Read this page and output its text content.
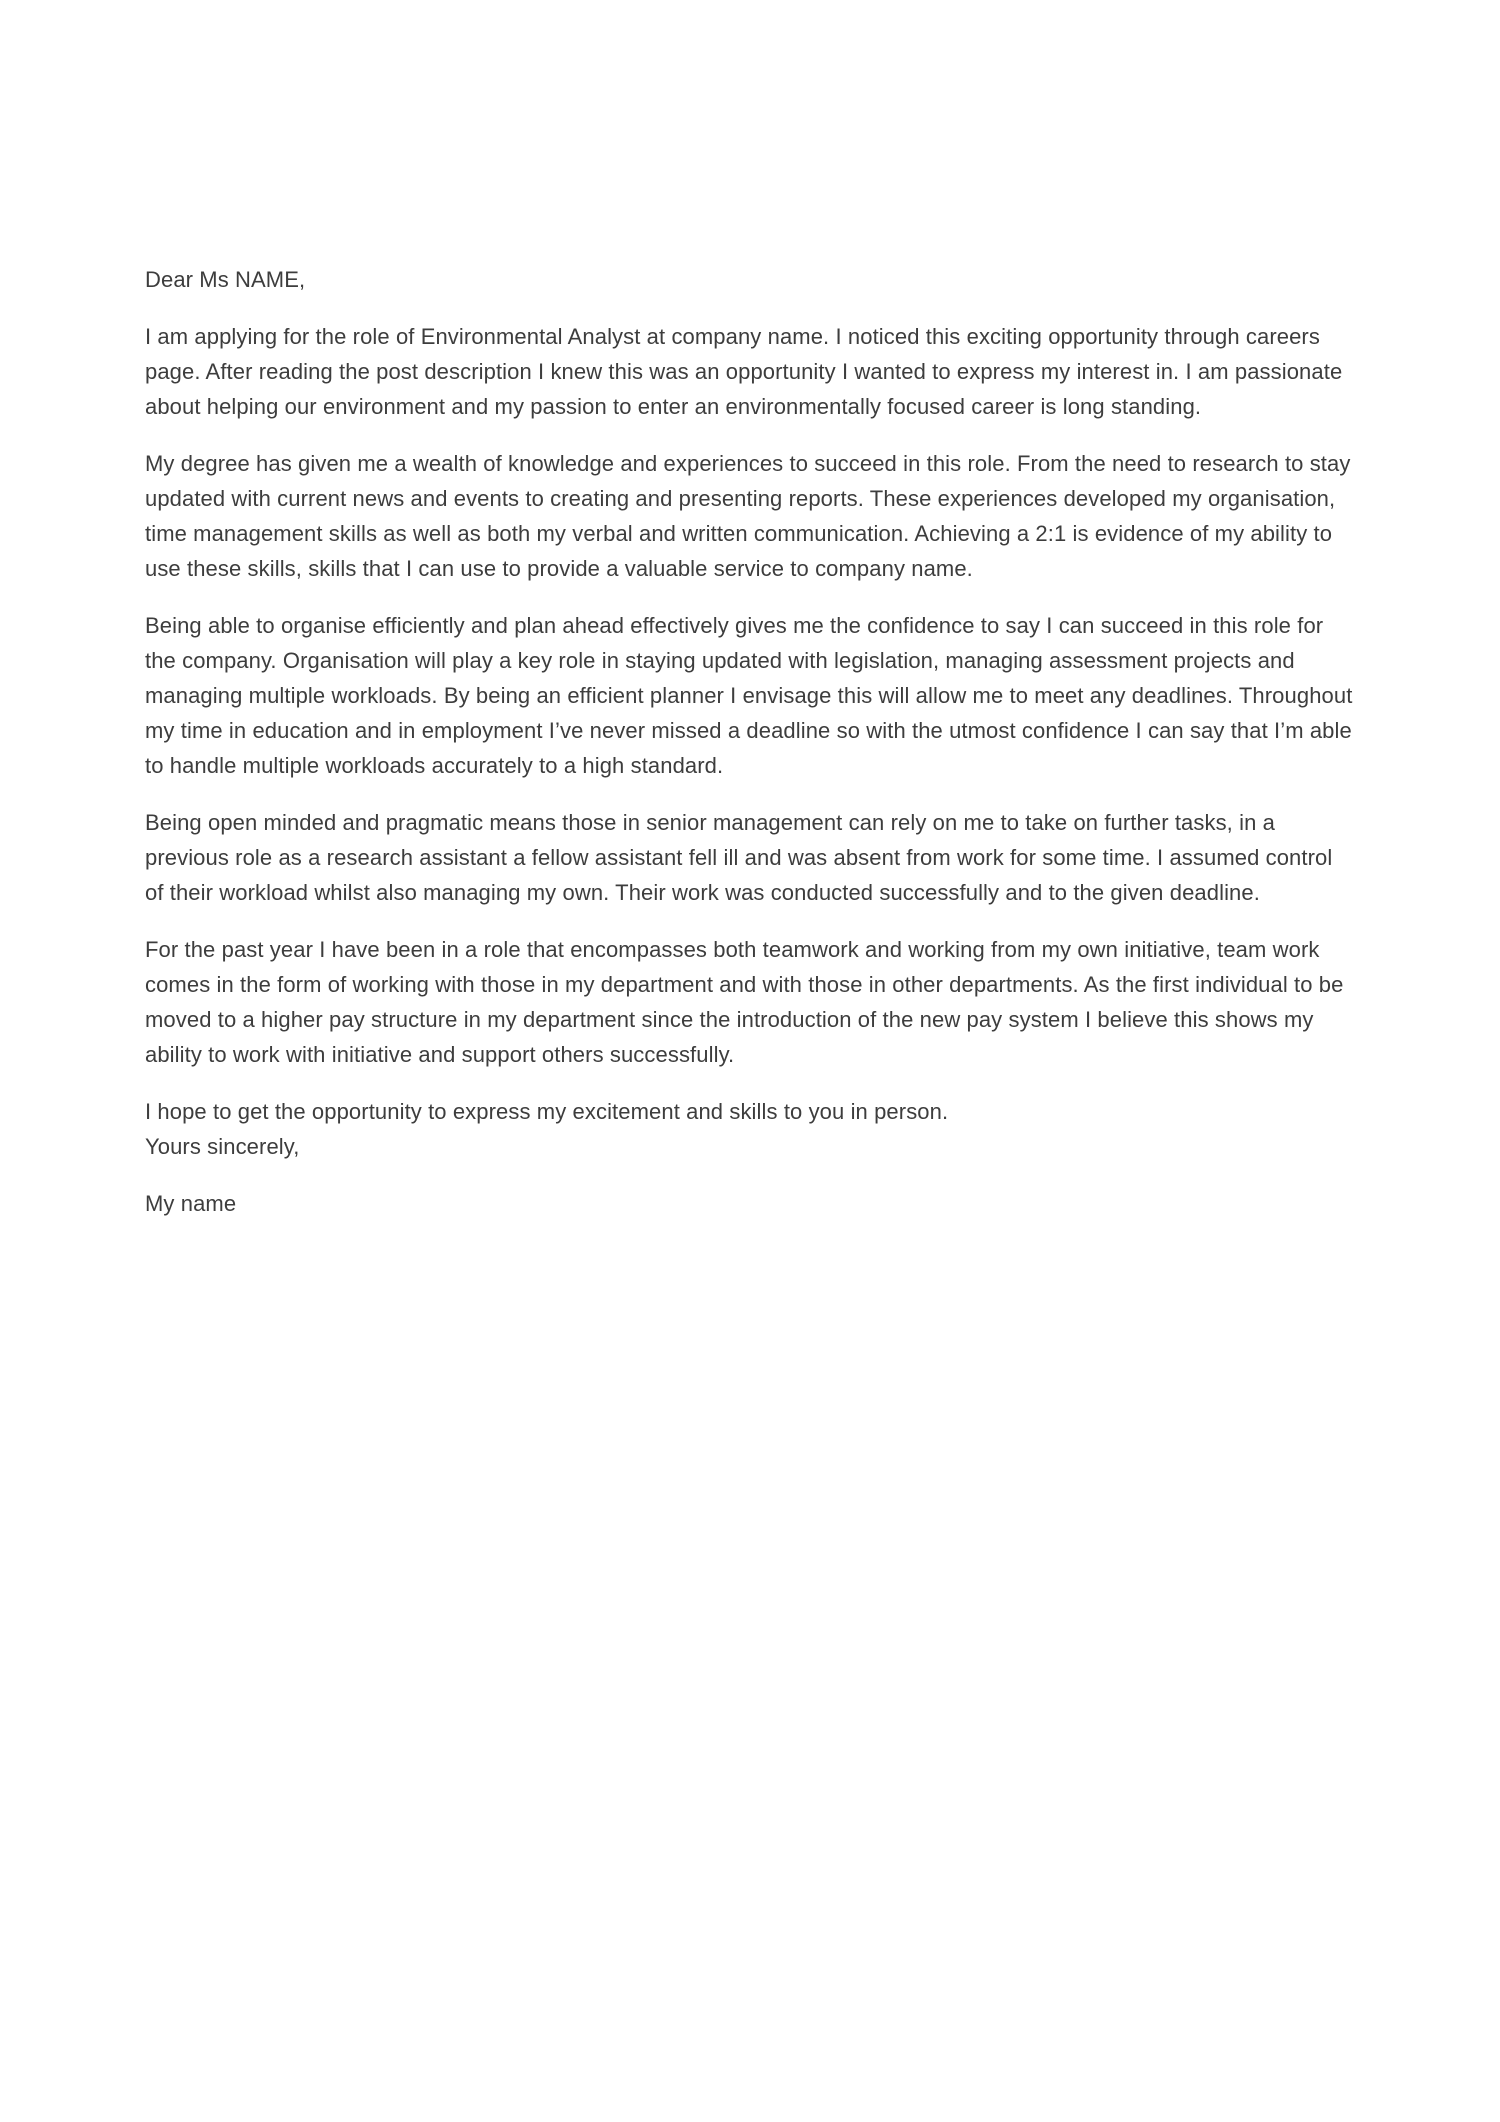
Dear Ms NAME,

I am applying for the role of Environmental Analyst at company name. I noticed this exciting opportunity through careers page. After reading the post description I knew this was an opportunity I wanted to express my interest in. I am passionate about helping our environment and my passion to enter an environmentally focused career is long standing.

My degree has given me a wealth of knowledge and experiences to succeed in this role. From the need to research to stay updated with current news and events to creating and presenting reports. These experiences developed my organisation, time management skills as well as both my verbal and written communication. Achieving a 2:1 is evidence of my ability to use these skills, skills that I can use to provide a valuable service to company name.

Being able to organise efficiently and plan ahead effectively gives me the confidence to say I can succeed in this role for the company. Organisation will play a key role in staying updated with legislation, managing assessment projects and managing multiple workloads. By being an efficient planner I envisage this will allow me to meet any deadlines. Throughout my time in education and in employment I’ve never missed a deadline so with the utmost confidence I can say that I’m able to handle multiple workloads accurately to a high standard.

Being open minded and pragmatic means those in senior management can rely on me to take on further tasks, in a previous role as a research assistant a fellow assistant fell ill and was absent from work for some time. I assumed control of their workload whilst also managing my own. Their work was conducted successfully and to the given deadline.

For the past year I have been in a role that encompasses both teamwork and working from my own initiative, team work comes in the form of working with those in my department and with those in other departments. As the first individual to be moved to a higher pay structure in my department since the introduction of the new pay system I believe this shows my ability to work with initiative and support others successfully.

I hope to get the opportunity to express my excitement and skills to you in person.

Yours sincerely,

My name
